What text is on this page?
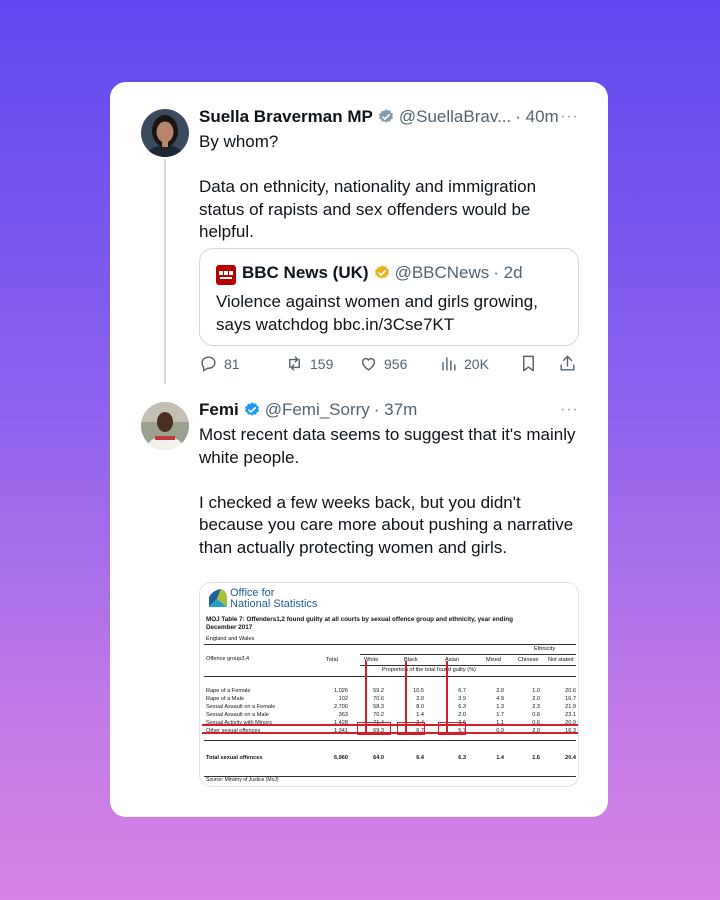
Suella Braverman MP @SuellaBrav... · 40m ···
By whom?

Data on ethnicity, nationality and immigration status of rapists and sex offenders would be helpful.
BBC News (UK) @BBCNews · 2d
Violence against women and girls growing, says watchdog bbc.in/3Cse7KT
81	159	956	20K
Femi @Femi_Sorry · 37m	···
Most recent data seems to suggest that it's mainly white people.

I checked a few weeks back, but you didn't because you care more about pushing a narrative than actually protecting women and girls.
Office for
National Statistics
MOJ Table 7: Offenders1,2 found guilty at all courts by sexual offence group and ethnicity, year ending December 2017
England and Wales
Ethnicity
Offence group3,4	Total	White	Black	Asian	Mixed	Chinese Not stated
Proportion of the total found guilty (%)
Rape of a Female	1,026	59.2	10.5	6.7	2.0	1.0	20.6
Rape of a Male	102	70.6	2.0	3.9	4.9	2.0	16.7
Sexual Assault on a Female	2,700	58.3	8.0	6.3	1.3	2.3	21.9
Sexual Assault on a Male	363	70.2	1.4	2.0	1.7	0.6	23.1
Sexual Activity with Minors	1,428	71.4	2.4	3.6	1.1	0.6	20.9
Other sexual offences	1,341	69.3	6.7	5.7	0.9	2.0	16.3
Total sexual offences	6,960	64.0	6.4	6.3	1.4	1.6	20.4
Source: Ministry of Justice (MoJ)
